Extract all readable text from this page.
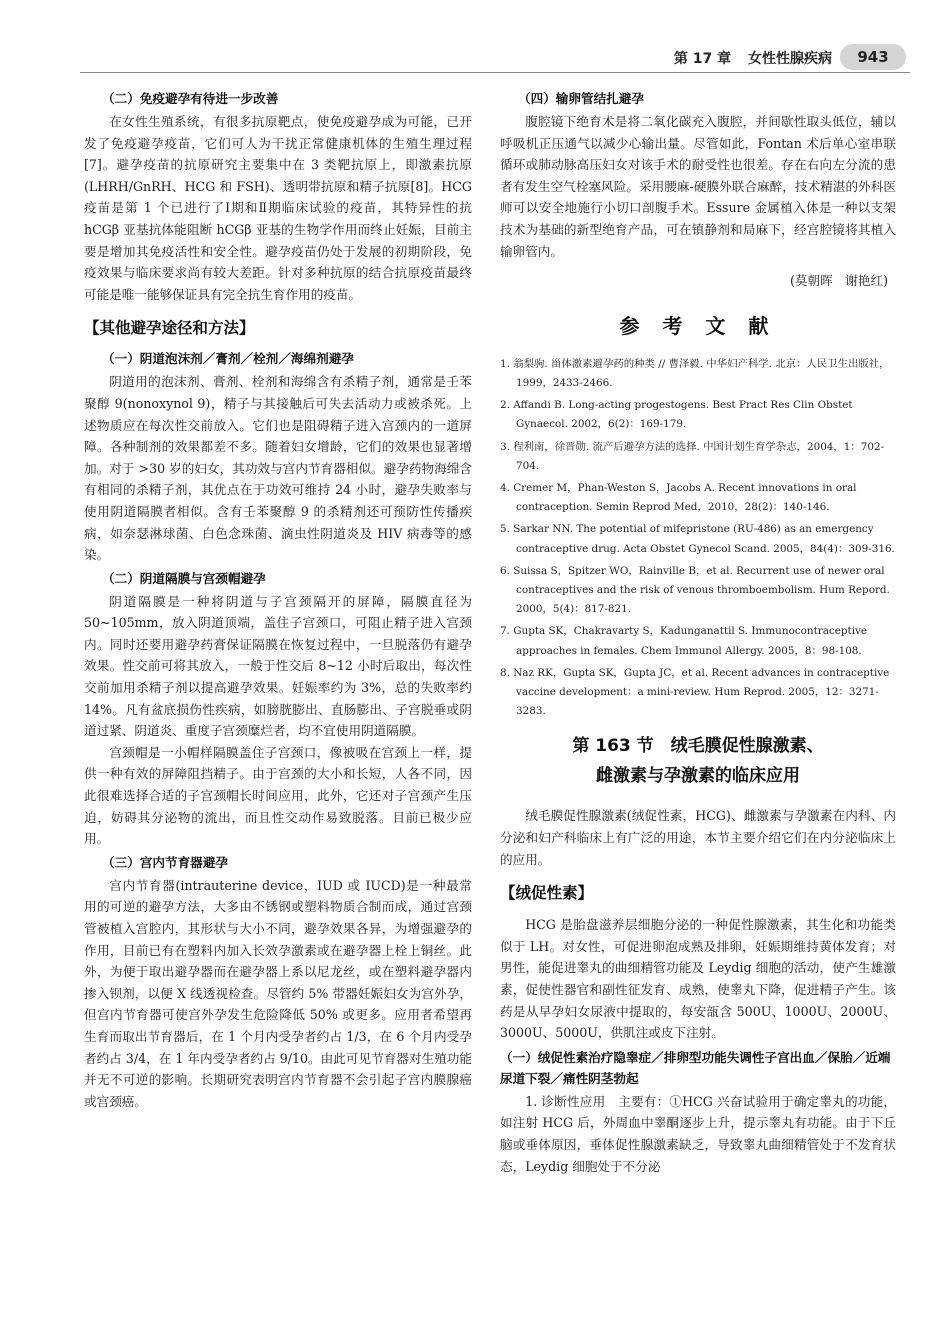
第 17 章 女性性腺疾病	943
（二）免疫避孕有待进一步改善

在女性生殖系统，有很多抗原靶点，使免疫避孕成为可能，已开发了免疫避孕疫苗，它们可人为干扰正常健康机体的生殖生理过程[7]。避孕疫苗的抗原研究主要集中在 3 类靶抗原上，即激素抗原(LHRH/GnRH、HCG 和 FSH)、透明带抗原和精子抗原[8]。HCG 疫苗是第 1 个已进行了Ⅰ期和Ⅱ期临床试验的疫苗，其特异性的抗 hCGβ 亚基抗体能阻断 hCGβ 亚基的生物学作用而终止妊娠，目前主要是增加其免疫活性和安全性。避孕疫苗仍处于发展的初期阶段，免疫效果与临床要求尚有较大差距。针对多种抗原的结合抗原疫苗最终可能是唯一能够保证具有完全抗生育作用的疫苗。

【其他避孕途径和方法】
（一）阴道泡沫剂／膏剂／栓剂／海绵剂避孕

阴道用的泡沫剂、膏剂、栓剂和海绵含有杀精子剂，通常是壬苯聚醇 9(nonoxynol 9)，精子与其接触后可失去活动力或被杀死。上述物质应在每次性交前放入。它们也是阻碍精子进入宫颈内的一道屏障。各种制剂的效果都差不多。随着妇女增龄，它们的效果也显著增加。对于 >30 岁的妇女，其功效与宫内节育器相似。避孕药物海绵含有相同的杀精子剂，其优点在于功效可维持 24 小时，避孕失败率与使用阴道隔膜者相似。含有壬苯聚醇 9 的杀精剂还可预防性传播疾病，如奈瑟淋球菌、白色念珠菌、滴虫性阴道炎及 HIV 病毒等的感染。

（二）阴道隔膜与宫颈帽避孕

阴道隔膜是一种将阴道与子宫颈隔开的屏障，隔膜直径为 50~105mm，放入阴道顶端，盖住子宫颈口，可阻止精子进入宫颈内。同时还要用避孕药膏保证隔膜在恢复过程中，一旦脱落仍有避孕效果。性交前可将其放入，一般于性交后 8~12 小时后取出，每次性交前加用杀精子剂以提高避孕效果。妊娠率约为 3%，总的失败率约 14%。凡有盆底损伤性疾病，如膀胱膨出、直肠膨出、子宫脱垂或阴道过紧、阴道炎、重度子宫颈糜烂者，均不宜使用阴道隔膜。

宫颈帽是一小帽样隔膜盖住子宫颈口，像被吸在宫颈上一样，提供一种有效的屏障阻挡精子。由于宫颈的大小和长短，人各不同，因此很难选择合适的子宫颈帽长时间应用，此外，它还对子宫颈产生压迫，妨碍其分泌物的流出，而且性交动作易致脱落。目前已极少应用。

（三）宫内节育器避孕

宫内节育器(intrauterine device，IUD 或 IUCD)是一种最常用的可逆的避孕方法，大多由不锈钢或塑料物质合制而成，通过宫颈管被植入宫腔内，其形状与大小不同，避孕效果各异，为增强避孕的作用，目前已有在塑料内加入长效孕激素或在避孕器上栓上铜丝。此外，为便于取出避孕器而在避孕器上系以尼龙丝，或在塑料避孕器内掺入钡剂，以便 X 线透视检查。尽管约 5% 带器妊娠妇女为宫外孕，但宫内节育器可使宫外孕发生危险降低 50% 或更多。应用者希望再生育而取出节育器后，在 1 个月内受孕者约占 1/3，在 6 个月内受孕者约占 3/4，在 1 年内受孕者约占 9/10。由此可见节育器对生殖功能并无不可逆的影响。长期研究表明宫内节育器不会引起子宫内膜腺癌或宫颈癌。

（四）输卵管结扎避孕

腹腔镜下绝育术是将二氧化碳充入腹腔，并间歇性取头低位，辅以呼吸机正压通气以减少心输出量。尽管如此，Fontan 术后单心室串联循环或肺动脉高压妇女对该手术的耐受性也很差。存在右向左分流的患者有发生空气栓塞风险。采用腰麻-硬膜外联合麻醉，技术精湛的外科医师可以安全地施行小切口剖腹手术。Essure 金属植入体是一种以支架技术为基础的新型绝育产品，可在镇静剂和局麻下，经宫腔镜将其植入输卵管内。

(莫朝晖　谢艳红)

参 考 文 献
1. 翁梨驹. 甾体激素避孕药的种类 // 曹泽毅. 中华妇产科学. 北京：人民卫生出版社，1999，2433-2466.
2. Affandi B. Long-acting progestogens. Best Pract Res Clin Obstet Gynaecol. 2002，6(2)：169-179.
3. 程利南，徐晋勋. 流产后避孕方法的选择. 中国计划生育学杂志，2004，1：702-704.
4. Cremer M，Phan-Weston S，Jacobs A. Recent innovations in oral contraception. Semin Reprod Med，2010，28(2)：140-146.
5. Sarkar NN. The potential of mifepristone (RU-486) as an emergency contraceptive drug. Acta Obstet Gynecol Scand. 2005，84(4)：309-316.
6. Suissa S，Spitzer WO，Rainville B，et al. Recurrent use of newer oral contraceptives and the risk of venous thromboembolism. Hum Repord. 2000，5(4)：817-821.
7. Gupta SK，Chakravarty S，Kadunganattil S. Immunocontraceptive approaches in females. Chem Immunol Allergy. 2005，8：98-108.
8. Naz RK，Gupta SK，Gupta JC，et al. Recent advances in contraceptive vaccine development：a mini-review. Hum Reprod. 2005，12：3271-3283.
第 163 节　绒毛膜促性腺激素、
雌激素与孕激素的临床应用

绒毛膜促性腺激素(绒促性素，HCG)、雌激素与孕激素在内科、内分泌和妇产科临床上有广泛的用途，本节主要介绍它们在内分泌临床上的应用。

【绒促性素】

HCG 是胎盘滋养层细胞分泌的一种促性腺激素，其生化和功能类似于 LH。对女性，可促进卵泡成熟及排卵，妊娠期维持黄体发育；对男性，能促进睾丸的曲细精管功能及 Leydig 细胞的活动，使产生雄激素，促使性器官和副性征发育、成熟，使睾丸下降，促进精子产生。该药是从早孕妇女尿液中提取的，每安瓿含 500U、1000U、2000U、3000U、5000U，供肌注或皮下注射。

（一）绒促性素治疗隐睾症／排卵型功能失调性子宫出血／保胎／近端尿道下裂／痛性阴茎勃起

1. 诊断性应用　主要有：①HCG 兴奋试验用于确定睾丸的功能，如注射 HCG 后，外周血中睾酮逐步上升，提示睾丸有功能。由于下丘脑或垂体原因，垂体促性腺激素缺乏，导致睾丸曲细精管处于不发育状态，Leydig 细胞处于不分泌
